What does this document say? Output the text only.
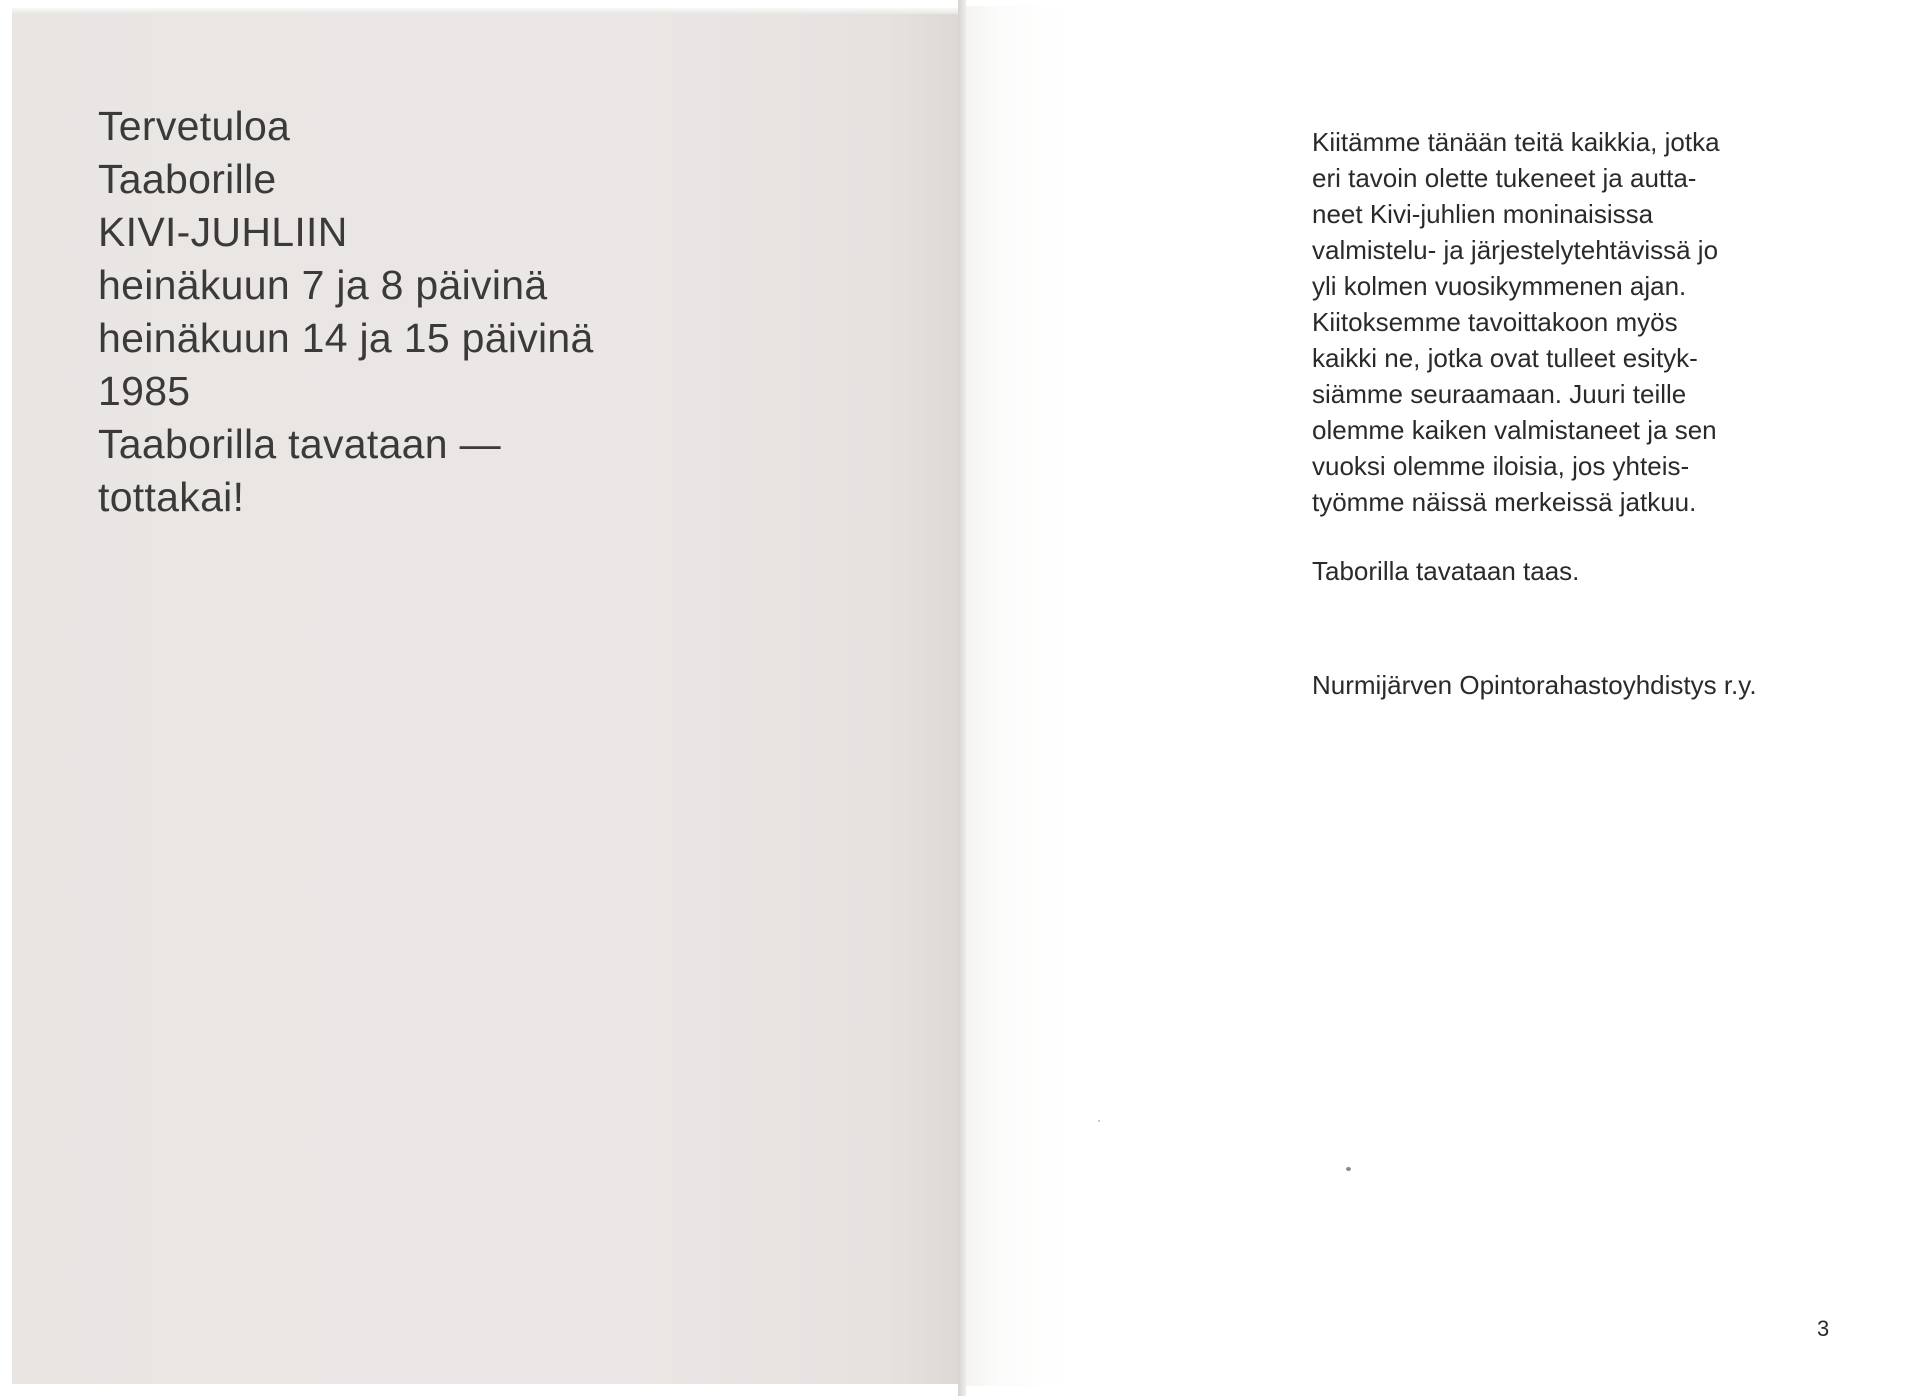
Tervetuloa
Taaborille
KIVI-JUHLIIN
heinäkuun 7 ja 8 päivinä
heinäkuun 14 ja 15 päivinä
1985
Taaborilla tavataan —
tottakai!
Kiitämme tänään teitä kaikkia, jotka
eri tavoin olette tukeneet ja autta-
neet Kivi-juhlien moninaisissa
valmistelu- ja järjestelytehtävissä jo
yli kolmen vuosikymmenen ajan.
Kiitoksemme tavoittakoon myös
kaikki ne, jotka ovat tulleet esityk-
siämme seuraamaan. Juuri teille
olemme kaiken valmistaneet ja sen
vuoksi olemme iloisia, jos yhteis-
työmme näissä merkeissä jatkuu.

Taborilla tavataan taas.

Nurmijärven Opintorahastoyhdistys r.y.

3
